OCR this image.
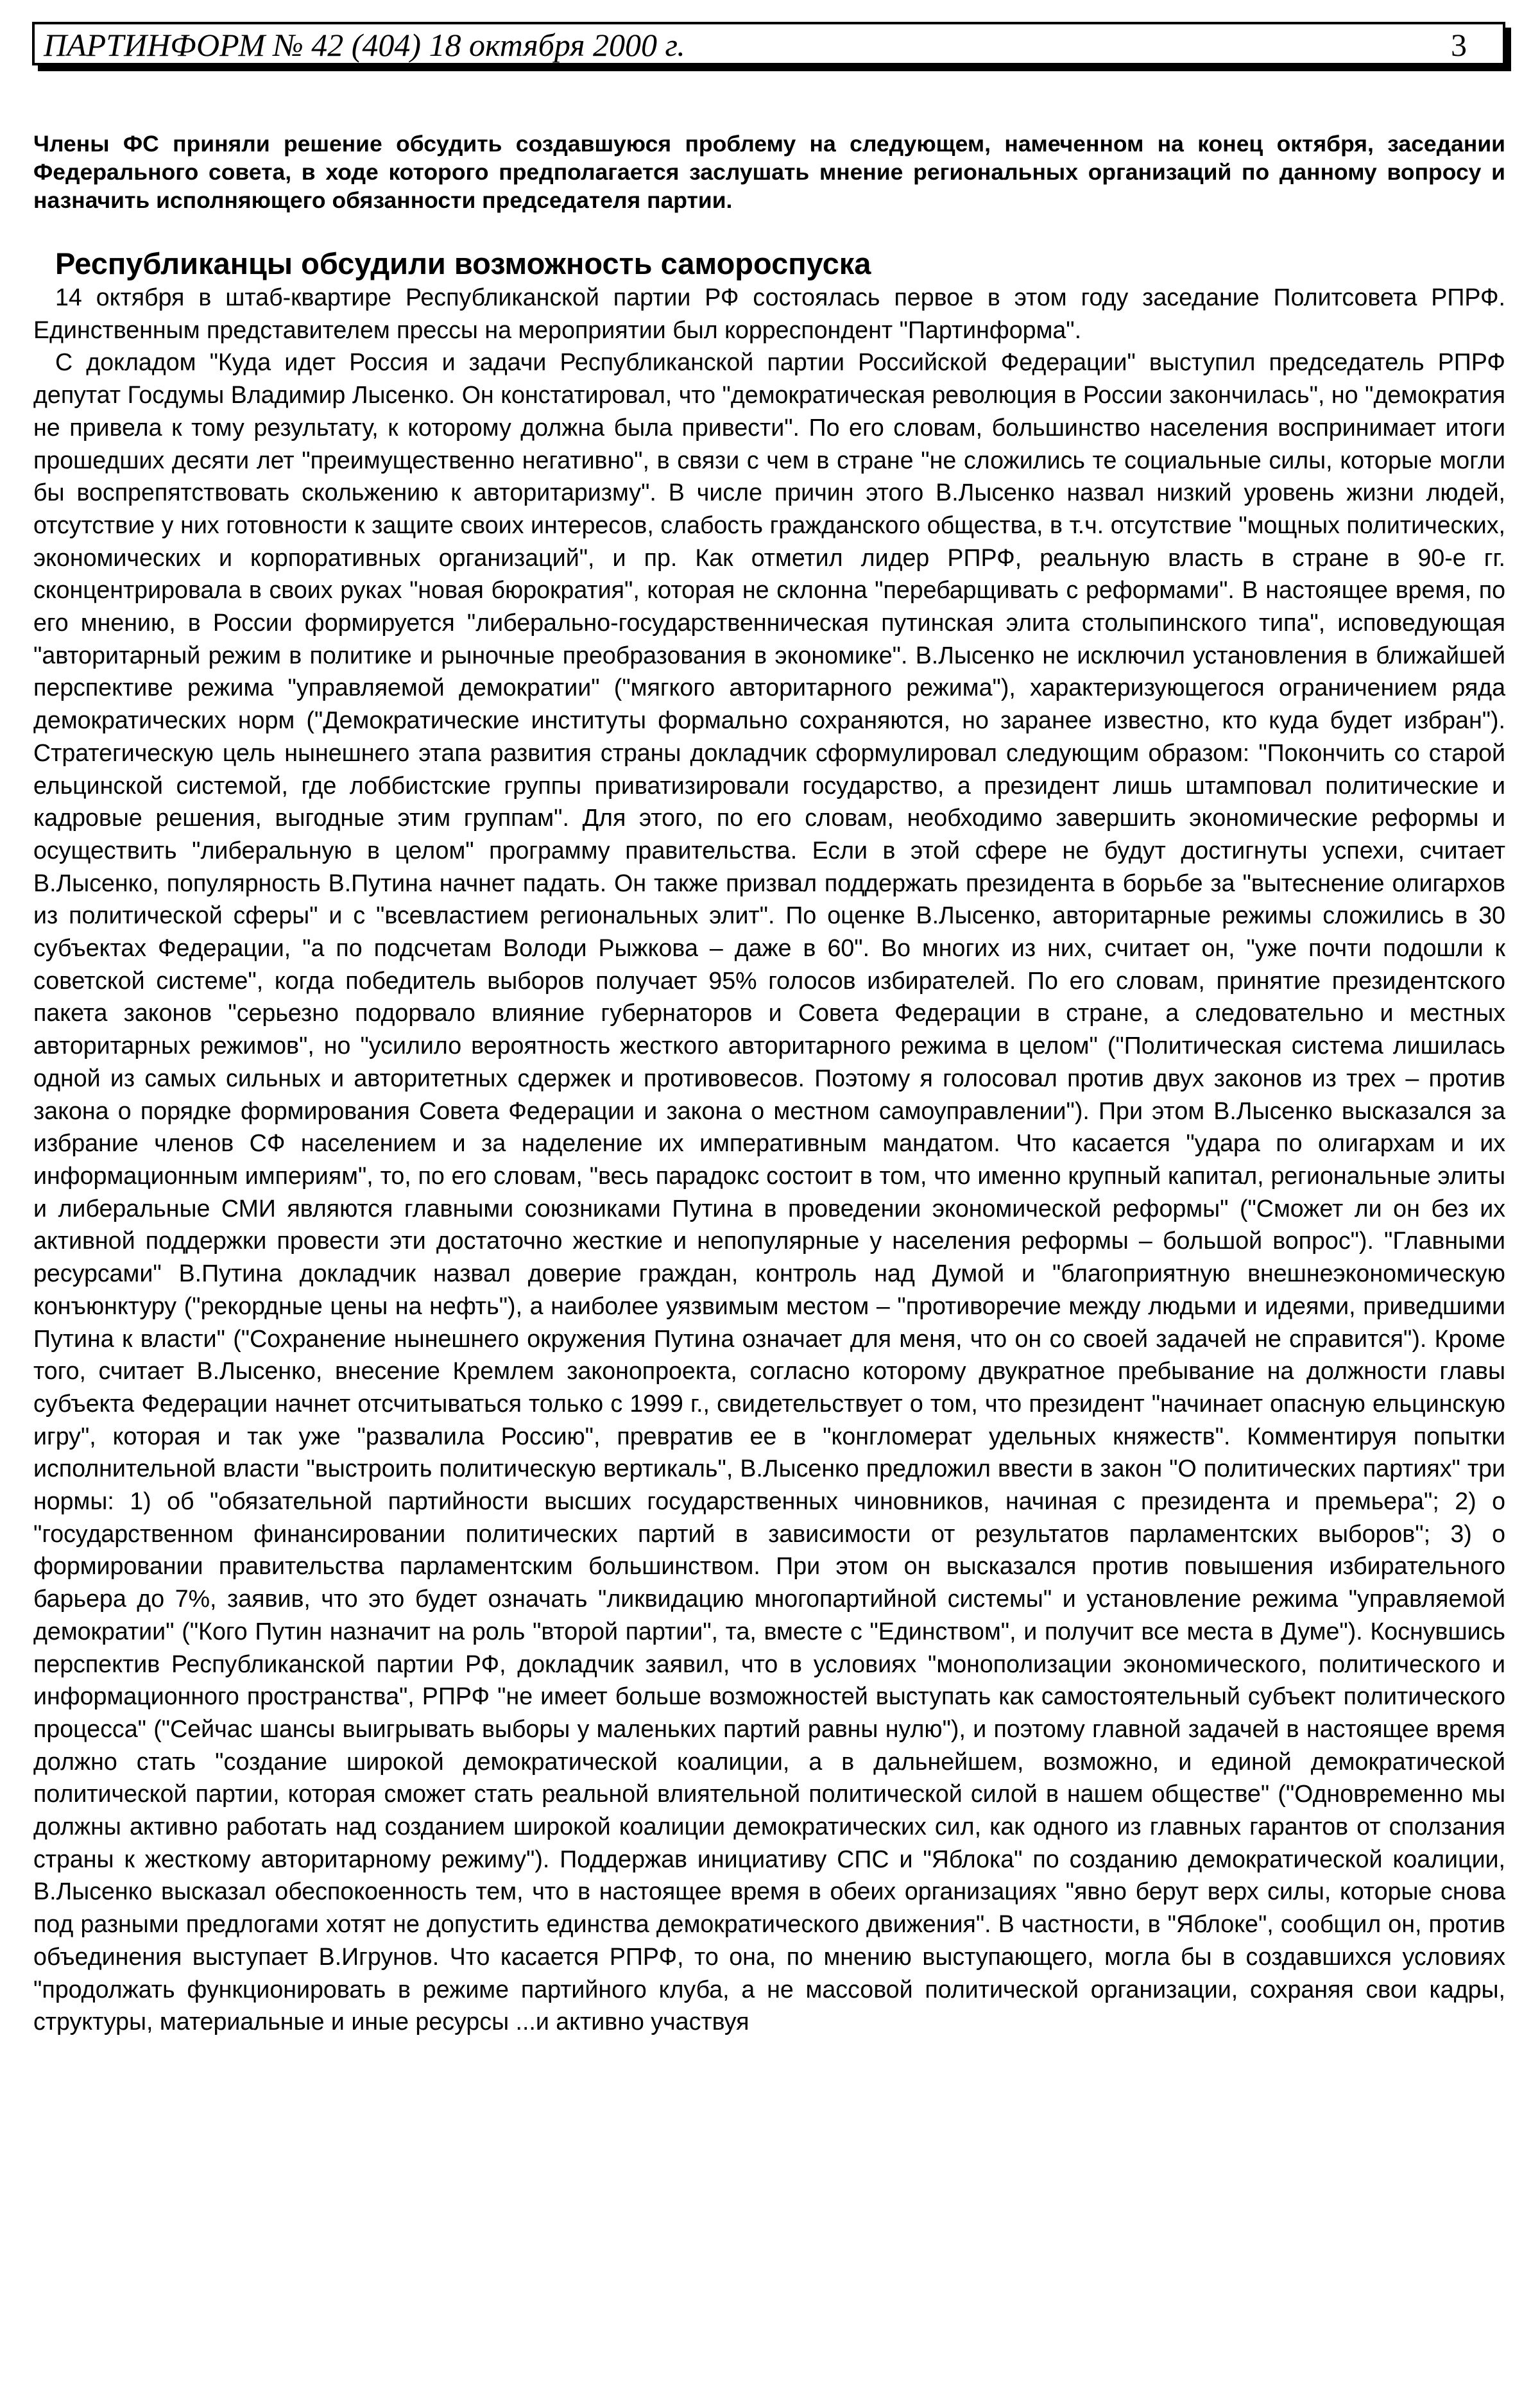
ПАРТИНФОРМ № 42 (404) 18 октября 2000 г.	3

Члены ФС приняли решение обсудить создавшуюся проблему на следующем, намеченном на конец октября, заседании Федерального совета, в ходе которого предполагается заслушать мнение региональных организаций по данному вопросу и назначить исполняющего обязанности председателя партии.

Республиканцы обсудили возможность самороспуска

14 октября в штаб-квартире Республиканской партии РФ состоялась первое в этом году заседание Политсовета РПРФ. Единственным представителем прессы на мероприятии был корреспондент "Партинформа".

С докладом "Куда идет Россия и задачи Республиканской партии Российской Федерации" выступил председатель РПРФ депутат Госдумы Владимир Лысенко. Он констатировал, что "демократическая революция в России закончилась", но "демократия не привела к тому результату, к которому должна была привести". По его словам, большинство населения воспринимает итоги прошедших десяти лет "преимущественно негативно", в связи с чем в стране "не сложились те социальные силы, которые могли бы воспрепятствовать скольжению к авторитаризму". В числе причин этого В.Лысенко назвал низкий уровень жизни людей, отсутствие у них готовности к защите своих интересов, слабость гражданского общества, в т.ч. отсутствие "мощных политических, экономических и корпоративных организаций", и пр. Как отметил лидер РПРФ, реальную власть в стране в 90-е гг. сконцентрировала в своих руках "новая бюрократия", которая не склонна "перебарщивать с реформами". В настоящее время, по его мнению, в России формируется "либерально-государственническая путинская элита столыпинского типа", исповедующая "авторитарный режим в политике и рыночные преобразования в экономике". В.Лысенко не исключил установления в ближайшей перспективе режима "управляемой демократии" ("мягкого авторитарного режима"), характеризующегося ограничением ряда демократических норм ("Демократические институты формально сохраняются, но заранее известно, кто куда будет избран"). Стратегическую цель нынешнего этапа развития страны докладчик сформулировал следующим образом: "Покончить со старой ельцинской системой, где лоббистские группы приватизировали государство, а президент лишь штамповал политические и кадровые решения, выгодные этим группам". Для этого, по его словам, необходимо завершить экономические реформы и осуществить "либеральную в целом" программу правительства. Если в этой сфере не будут достигнуты успехи, считает В.Лысенко, популярность В.Путина начнет падать. Он также призвал поддержать президента в борьбе за "вытеснение олигархов из политической сферы" и с "всевластием региональных элит". По оценке В.Лысенко, авторитарные режимы сложились в 30 субъектах Федерации, "а по подсчетам Володи Рыжкова – даже в 60". Во многих из них, считает он, "уже почти подошли к советской системе", когда победитель выборов получает 95% голосов избирателей. По его словам, принятие президентского пакета законов "серьезно подорвало влияние губернаторов и Совета Федерации в стране, а следовательно и местных авторитарных режимов", но "усилило вероятность жесткого авторитарного режима в целом" ("Политическая система лишилась одной из самых сильных и авторитетных сдержек и противовесов. Поэтому я голосовал против двух законов из трех – против закона о порядке формирования Совета Федерации и закона о местном самоуправлении"). При этом В.Лысенко высказался за избрание членов СФ населением и за наделение их императивным мандатом. Что касается "удара по олигархам и их информационным империям", то, по его словам, "весь парадокс состоит в том, что именно крупный капитал, региональные элиты и либеральные СМИ являются главными союзниками Путина в проведении экономической реформы" ("Сможет ли он без их активной поддержки провести эти достаточно жесткие и непопулярные у населения реформы – большой вопрос"). "Главными ресурсами" В.Путина докладчик назвал доверие граждан, контроль над Думой и "благоприятную внешнеэкономическую конъюнктуру ("рекордные цены на нефть"), а наиболее уязвимым местом – "противоречие между людьми и идеями, приведшими Путина к власти" ("Сохранение нынешнего окружения Путина означает для меня, что он со своей задачей не справится"). Кроме того, считает В.Лысенко, внесение Кремлем законопроекта, согласно которому двукратное пребывание на должности главы субъекта Федерации начнет отсчитываться только с 1999 г., свидетельствует о том, что президент "начинает опасную ельцинскую игру", которая и так уже "развалила Россию", превратив ее в "конгломерат удельных княжеств". Комментируя попытки исполнительной власти "выстроить политическую вертикаль", В.Лысенко предложил ввести в закон "О политических партиях" три нормы: 1) об "обязательной партийности высших государственных чиновников, начиная с президента и премьера"; 2) о "государственном финансировании политических партий в зависимости от результатов парламентских выборов"; 3) о формировании правительства парламентским большинством. При этом он высказался против повышения избирательного барьера до 7%, заявив, что это будет означать "ликвидацию многопартийной системы" и установление режима "управляемой демократии" ("Кого Путин назначит на роль "второй партии", та, вместе с "Единством", и получит все места в Думе"). Коснувшись перспектив Республиканской партии РФ, докладчик заявил, что в условиях "монополизации экономического, политического и информационного пространства", РПРФ "не имеет больше возможностей выступать как самостоятельный субъект политического процесса" ("Сейчас шансы выигрывать выборы у маленьких партий равны нулю"), и поэтому главной задачей в настоящее время должно стать "создание широкой демократической коалиции, а в дальнейшем, возможно, и единой демократической политической партии, которая сможет стать реальной влиятельной политической силой в нашем обществе" ("Одновременно мы должны активно работать над созданием широкой коалиции демократических сил, как одного из главных гарантов от сползания страны к жесткому авторитарному режиму"). Поддержав инициативу СПС и "Яблока" по созданию демократической коалиции, В.Лысенко высказал обеспокоенность тем, что в настоящее время в обеих организациях "явно берут верх силы, которые снова под разными предлогами хотят не допустить единства демократического движения". В частности, в "Яблоке", сообщил он, против объединения выступает В.Игрунов. Что касается РПРФ, то она, по мнению выступающего, могла бы в создавшихся условиях "продолжать функционировать в режиме партийного клуба, а не массовой политической организации, сохраняя свои кадры, структуры, материальные и иные ресурсы ...и активно участвуя
